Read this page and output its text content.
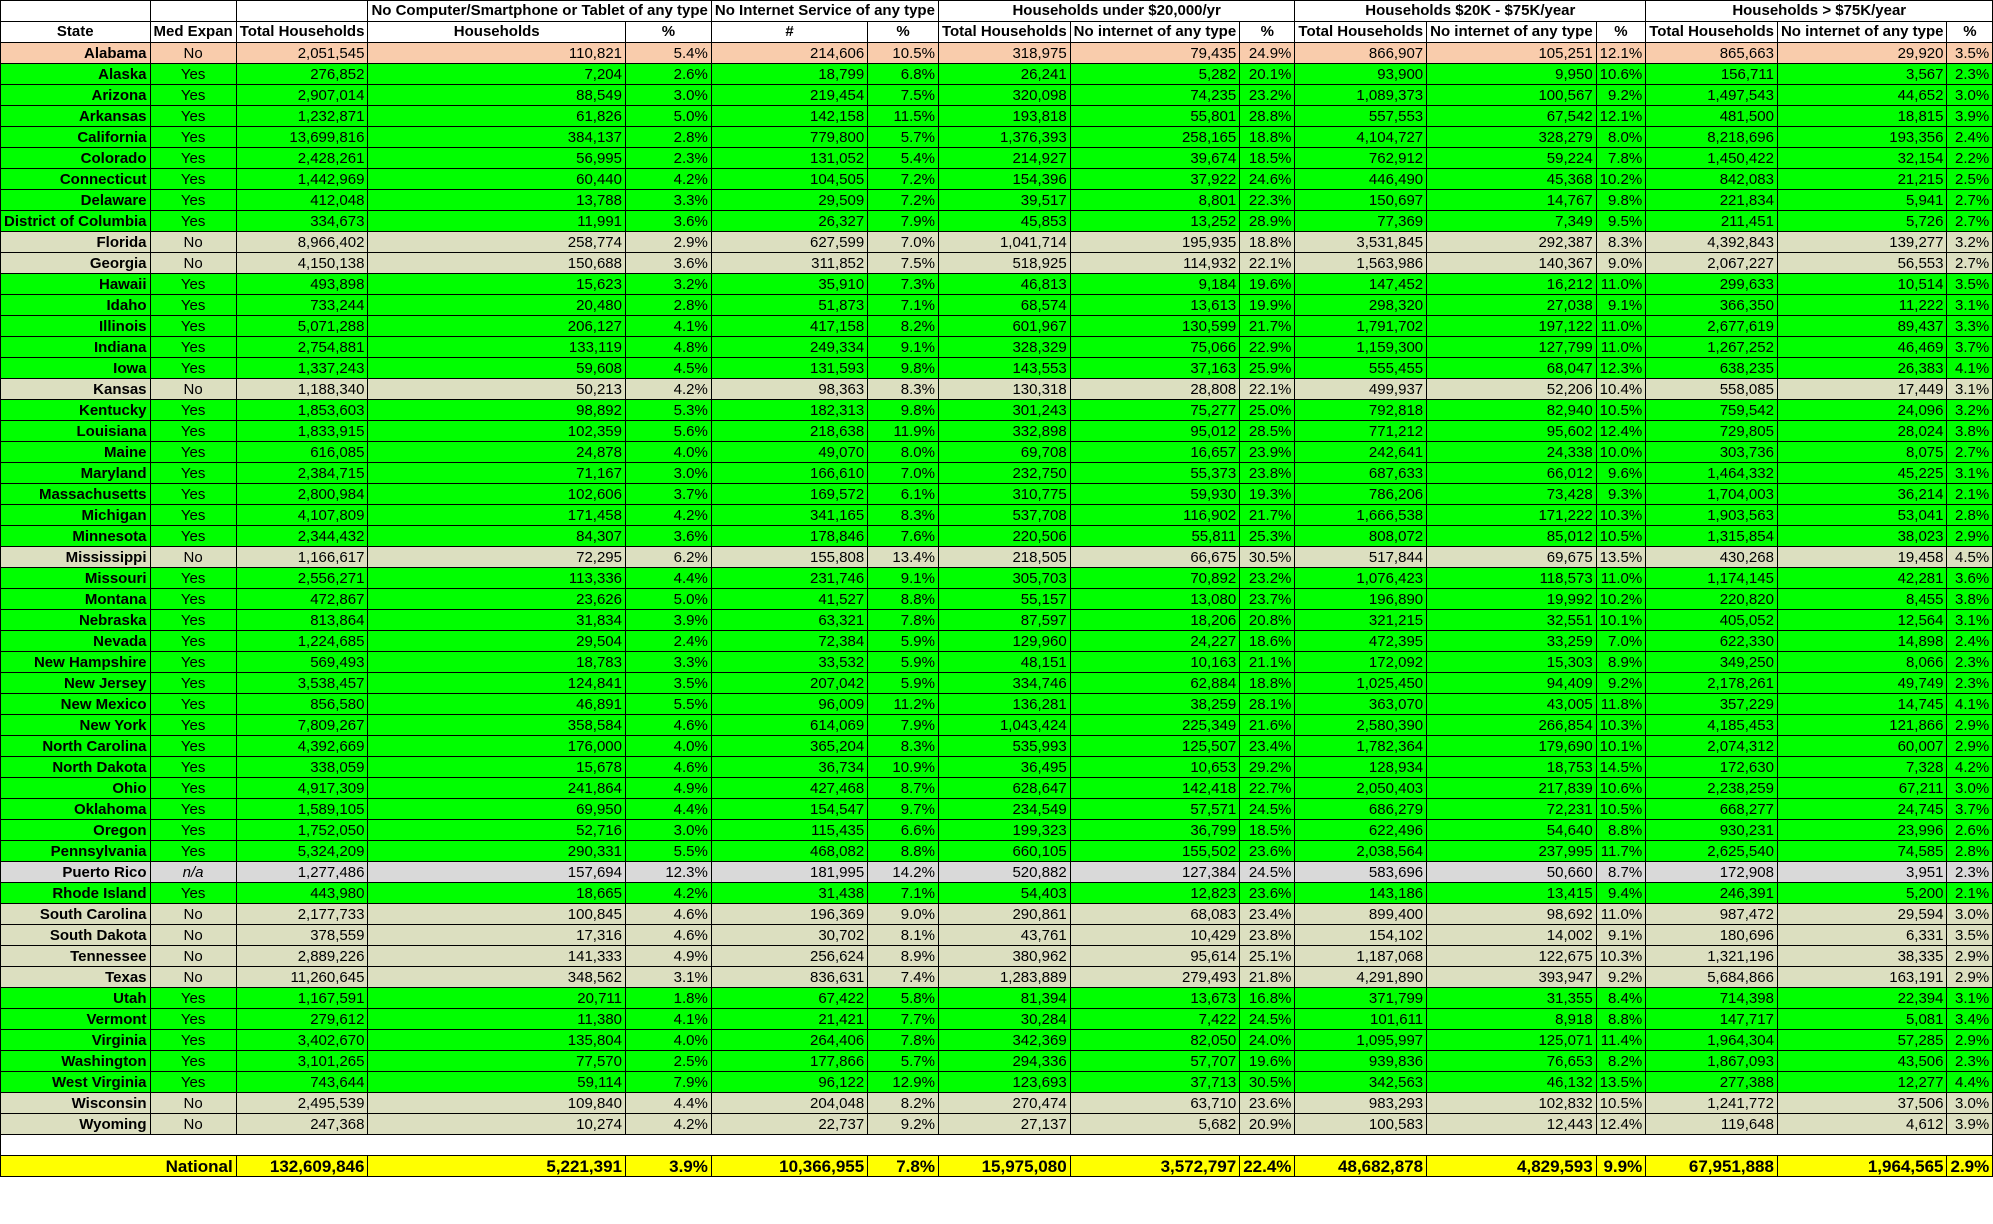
			No Computer/Smartphone or Tablet of any type		No Internet Service of any type		Households under $20,000/yr			Households $20K - $75K/year			Households > $75K/year		
State	Med Expan	Total Households	Households	%	#	%	Total Households	No internet of any type	%	Total Households	No internet of any type	%	Total Households	No internet of any type	%
Alabama	No	2,051,545	110,821	5.4%	214,606	10.5%	318,975	79,435	24.9%	866,907	105,251	12.1%	865,663	29,920	3.5%
Alaska	Yes	276,852	7,204	2.6%	18,799	6.8%	26,241	5,282	20.1%	93,900	9,950	10.6%	156,711	3,567	2.3%
Arizona	Yes	2,907,014	88,549	3.0%	219,454	7.5%	320,098	74,235	23.2%	1,089,373	100,567	9.2%	1,497,543	44,652	3.0%
Arkansas	Yes	1,232,871	61,826	5.0%	142,158	11.5%	193,818	55,801	28.8%	557,553	67,542	12.1%	481,500	18,815	3.9%
California	Yes	13,699,816	384,137	2.8%	779,800	5.7%	1,376,393	258,165	18.8%	4,104,727	328,279	8.0%	8,218,696	193,356	2.4%
Colorado	Yes	2,428,261	56,995	2.3%	131,052	5.4%	214,927	39,674	18.5%	762,912	59,224	7.8%	1,450,422	32,154	2.2%
Connecticut	Yes	1,442,969	60,440	4.2%	104,505	7.2%	154,396	37,922	24.6%	446,490	45,368	10.2%	842,083	21,215	2.5%
Delaware	Yes	412,048	13,788	3.3%	29,509	7.2%	39,517	8,801	22.3%	150,697	14,767	9.8%	221,834	5,941	2.7%
District of Columbia	Yes	334,673	11,991	3.6%	26,327	7.9%	45,853	13,252	28.9%	77,369	7,349	9.5%	211,451	5,726	2.7%
Florida	No	8,966,402	258,774	2.9%	627,599	7.0%	1,041,714	195,935	18.8%	3,531,845	292,387	8.3%	4,392,843	139,277	3.2%
Georgia	No	4,150,138	150,688	3.6%	311,852	7.5%	518,925	114,932	22.1%	1,563,986	140,367	9.0%	2,067,227	56,553	2.7%
Hawaii	Yes	493,898	15,623	3.2%	35,910	7.3%	46,813	9,184	19.6%	147,452	16,212	11.0%	299,633	10,514	3.5%
Idaho	Yes	733,244	20,480	2.8%	51,873	7.1%	68,574	13,613	19.9%	298,320	27,038	9.1%	366,350	11,222	3.1%
Illinois	Yes	5,071,288	206,127	4.1%	417,158	8.2%	601,967	130,599	21.7%	1,791,702	197,122	11.0%	2,677,619	89,437	3.3%
Indiana	Yes	2,754,881	133,119	4.8%	249,334	9.1%	328,329	75,066	22.9%	1,159,300	127,799	11.0%	1,267,252	46,469	3.7%
Iowa	Yes	1,337,243	59,608	4.5%	131,593	9.8%	143,553	37,163	25.9%	555,455	68,047	12.3%	638,235	26,383	4.1%
Kansas	No	1,188,340	50,213	4.2%	98,363	8.3%	130,318	28,808	22.1%	499,937	52,206	10.4%	558,085	17,449	3.1%
Kentucky	Yes	1,853,603	98,892	5.3%	182,313	9.8%	301,243	75,277	25.0%	792,818	82,940	10.5%	759,542	24,096	3.2%
Louisiana	Yes	1,833,915	102,359	5.6%	218,638	11.9%	332,898	95,012	28.5%	771,212	95,602	12.4%	729,805	28,024	3.8%
Maine	Yes	616,085	24,878	4.0%	49,070	8.0%	69,708	16,657	23.9%	242,641	24,338	10.0%	303,736	8,075	2.7%
Maryland	Yes	2,384,715	71,167	3.0%	166,610	7.0%	232,750	55,373	23.8%	687,633	66,012	9.6%	1,464,332	45,225	3.1%
Massachusetts	Yes	2,800,984	102,606	3.7%	169,572	6.1%	310,775	59,930	19.3%	786,206	73,428	9.3%	1,704,003	36,214	2.1%
Michigan	Yes	4,107,809	171,458	4.2%	341,165	8.3%	537,708	116,902	21.7%	1,666,538	171,222	10.3%	1,903,563	53,041	2.8%
Minnesota	Yes	2,344,432	84,307	3.6%	178,846	7.6%	220,506	55,811	25.3%	808,072	85,012	10.5%	1,315,854	38,023	2.9%
Mississippi	No	1,166,617	72,295	6.2%	155,808	13.4%	218,505	66,675	30.5%	517,844	69,675	13.5%	430,268	19,458	4.5%
Missouri	Yes	2,556,271	113,336	4.4%	231,746	9.1%	305,703	70,892	23.2%	1,076,423	118,573	11.0%	1,174,145	42,281	3.6%
Montana	Yes	472,867	23,626	5.0%	41,527	8.8%	55,157	13,080	23.7%	196,890	19,992	10.2%	220,820	8,455	3.8%
Nebraska	Yes	813,864	31,834	3.9%	63,321	7.8%	87,597	18,206	20.8%	321,215	32,551	10.1%	405,052	12,564	3.1%
Nevada	Yes	1,224,685	29,504	2.4%	72,384	5.9%	129,960	24,227	18.6%	472,395	33,259	7.0%	622,330	14,898	2.4%
New Hampshire	Yes	569,493	18,783	3.3%	33,532	5.9%	48,151	10,163	21.1%	172,092	15,303	8.9%	349,250	8,066	2.3%
New Jersey	Yes	3,538,457	124,841	3.5%	207,042	5.9%	334,746	62,884	18.8%	1,025,450	94,409	9.2%	2,178,261	49,749	2.3%
New Mexico	Yes	856,580	46,891	5.5%	96,009	11.2%	136,281	38,259	28.1%	363,070	43,005	11.8%	357,229	14,745	4.1%
New York	Yes	7,809,267	358,584	4.6%	614,069	7.9%	1,043,424	225,349	21.6%	2,580,390	266,854	10.3%	4,185,453	121,866	2.9%
North Carolina	Yes	4,392,669	176,000	4.0%	365,204	8.3%	535,993	125,507	23.4%	1,782,364	179,690	10.1%	2,074,312	60,007	2.9%
North Dakota	Yes	338,059	15,678	4.6%	36,734	10.9%	36,495	10,653	29.2%	128,934	18,753	14.5%	172,630	7,328	4.2%
Ohio	Yes	4,917,309	241,864	4.9%	427,468	8.7%	628,647	142,418	22.7%	2,050,403	217,839	10.6%	2,238,259	67,211	3.0%
Oklahoma	Yes	1,589,105	69,950	4.4%	154,547	9.7%	234,549	57,571	24.5%	686,279	72,231	10.5%	668,277	24,745	3.7%
Oregon	Yes	1,752,050	52,716	3.0%	115,435	6.6%	199,323	36,799	18.5%	622,496	54,640	8.8%	930,231	23,996	2.6%
Pennsylvania	Yes	5,324,209	290,331	5.5%	468,082	8.8%	660,105	155,502	23.6%	2,038,564	237,995	11.7%	2,625,540	74,585	2.8%
Puerto Rico	n/a	1,277,486	157,694	12.3%	181,995	14.2%	520,882	127,384	24.5%	583,696	50,660	8.7%	172,908	3,951	2.3%
Rhode Island	Yes	443,980	18,665	4.2%	31,438	7.1%	54,403	12,823	23.6%	143,186	13,415	9.4%	246,391	5,200	2.1%
South Carolina	No	2,177,733	100,845	4.6%	196,369	9.0%	290,861	68,083	23.4%	899,400	98,692	11.0%	987,472	29,594	3.0%
South Dakota	No	378,559	17,316	4.6%	30,702	8.1%	43,761	10,429	23.8%	154,102	14,002	9.1%	180,696	6,331	3.5%
Tennessee	No	2,889,226	141,333	4.9%	256,624	8.9%	380,962	95,614	25.1%	1,187,068	122,675	10.3%	1,321,196	38,335	2.9%
Texas	No	11,260,645	348,562	3.1%	836,631	7.4%	1,283,889	279,493	21.8%	4,291,890	393,947	9.2%	5,684,866	163,191	2.9%
Utah	Yes	1,167,591	20,711	1.8%	67,422	5.8%	81,394	13,673	16.8%	371,799	31,355	8.4%	714,398	22,394	3.1%
Vermont	Yes	279,612	11,380	4.1%	21,421	7.7%	30,284	7,422	24.5%	101,611	8,918	8.8%	147,717	5,081	3.4%
Virginia	Yes	3,402,670	135,804	4.0%	264,406	7.8%	342,369	82,050	24.0%	1,095,997	125,071	11.4%	1,964,304	57,285	2.9%
Washington	Yes	3,101,265	77,570	2.5%	177,866	5.7%	294,336	57,707	19.6%	939,836	76,653	8.2%	1,867,093	43,506	2.3%
West Virginia	Yes	743,644	59,114	7.9%	96,122	12.9%	123,693	37,713	30.5%	342,563	46,132	13.5%	277,388	12,277	4.4%
Wisconsin	No	2,495,539	109,840	4.4%	204,048	8.2%	270,474	63,710	23.6%	983,293	102,832	10.5%	1,241,772	37,506	3.0%
Wyoming	No	247,368	10,274	4.2%	22,737	9.2%	27,137	5,682	20.9%	100,583	12,443	12.4%	119,648	4,612	3.9%

National		132,609,846	5,221,391	3.9%	10,366,955	7.8%	15,975,080	3,572,797	22.4%	48,682,878	4,829,593	9.9%	67,951,888	1,964,565	2.9%
